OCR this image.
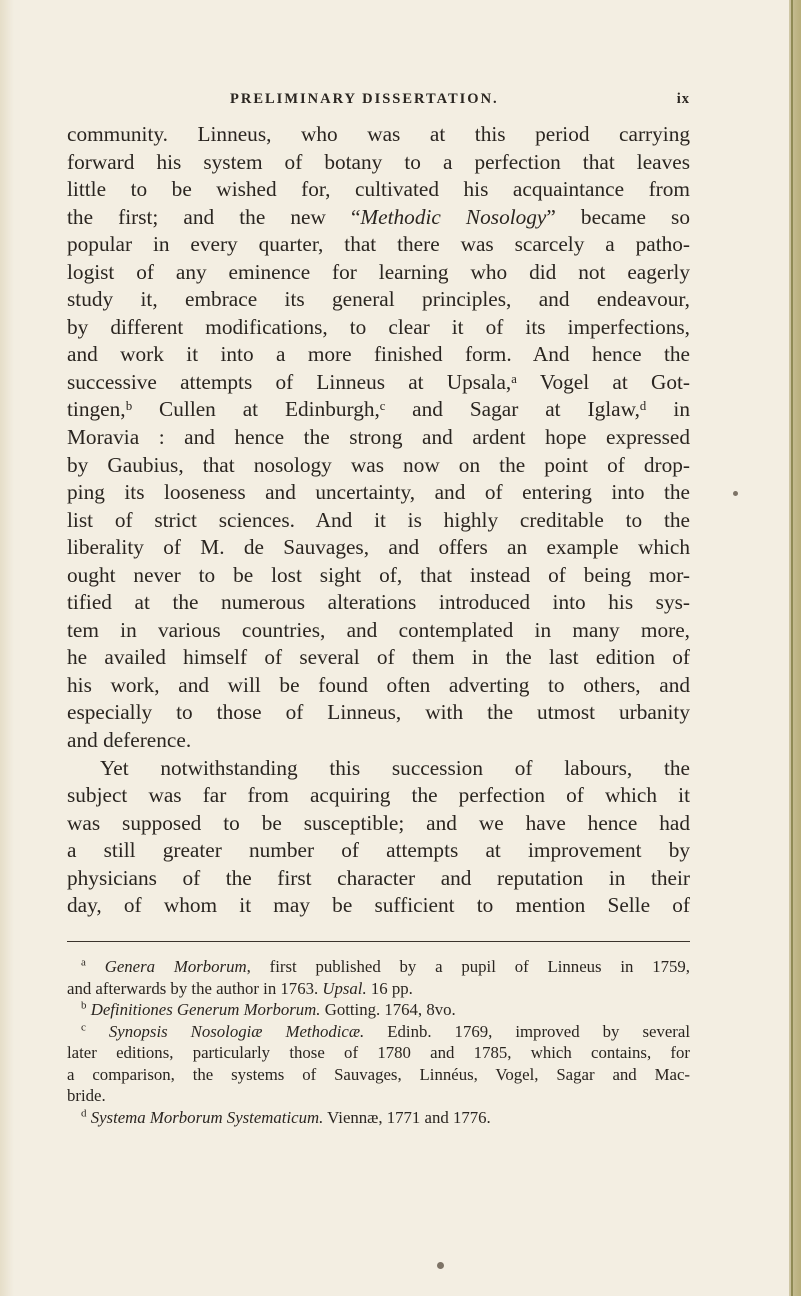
PRELIMINARY DISSERTATION.	ix
community. Linneus, who was at this period carrying
forward his system of botany to a perfection that leaves
little to be wished for, cultivated his acquaintance from
the first; and the new “Methodic Nosology” became so
popular in every quarter, that there was scarcely a patho-
logist of any eminence for learning who did not eagerly
study it, embrace its general principles, and endeavour,
by different modifications, to clear it of its imperfections,
and work it into a more finished form. And hence the
successive attempts of Linneus at Upsala,ᵃ Vogel at Got-
tingen,ᵇ Cullen at Edinburgh,ᶜ and Sagar at Iglaw,ᵈ in
Moravia : and hence the strong and ardent hope expressed
by Gaubius, that nosology was now on the point of drop-
ping its looseness and uncertainty, and of entering into the
list of strict sciences. And it is highly creditable to the
liberality of M. de Sauvages, and offers an example which
ought never to be lost sight of, that instead of being mor-
tified at the numerous alterations introduced into his sys-
tem in various countries, and contemplated in many more,
he availed himself of several of them in the last edition of
his work, and will be found often adverting to others, and
especially to those of Linneus, with the utmost urbanity
and deference.
Yet notwithstanding this succession of labours, the
subject was far from acquiring the perfection of which it
was supposed to be susceptible; and we have hence had
a still greater number of attempts at improvement by
physicians of the first character and reputation in their
day, of whom it may be sufficient to mention Selle of
$^a$ Genera Morborum, first published by a pupil of Linneus in 1759,
and afterwards by the author in 1763. Upsal. 16 pp.
$^b$ Definitiones Generum Morborum. Gotting. 1764, 8vo.
$^c$ Synopsis Nosologiæ Methodicæ. Edinb. 1769, improved by several
later editions, particularly those of 1780 and 1785, which contains, for
a comparison, the systems of Sauvages, Linnéus, Vogel, Sagar and Mac-
bride.
$^d$ Systema Morborum Systematicum. Viennæ, 1771 and 1776.
